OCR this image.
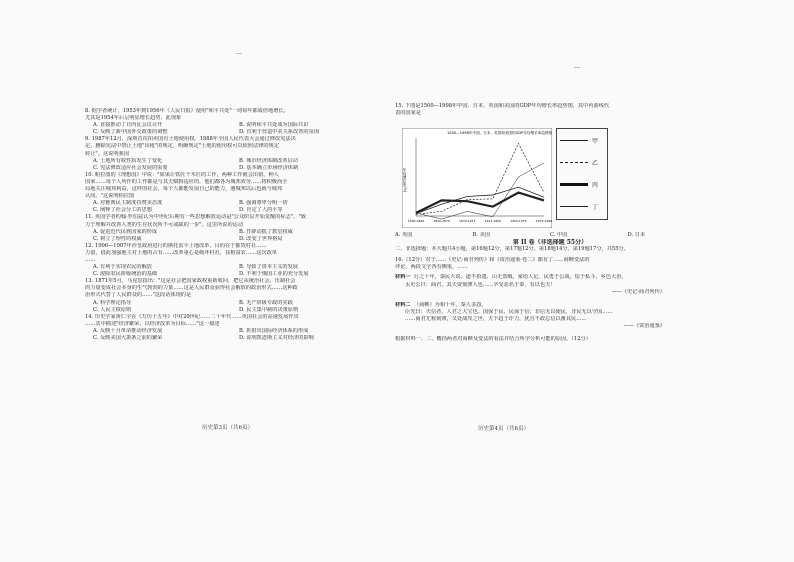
—
—

8. 据学者统计，1953年到1956年《人民日报》使用"和平共处"一词每年都成倍地增长，

尤其是1954年后呈明显增长趋势，此现象

A. 直接推动了日内瓦会议召开	B. 说明和平共处成为国际共识

C. 反映了新中国外交政策的调整	D. 有利于营造中美关系改善的氛围

9. 1987年12月，深圳首次拍卖国有土地使用权。1988年全国人民代表大会通过修改宪法决

定，删除宪法中禁止土地"出租"的规定，明确规定"土地的使用权可以依照法律的规定

转让"。这说明我国

A. 土地所有权性质发生了变化	B. 城市经济体制改革启动

C. 宪法修改适应社会发展的需要	D. 基本确立市场经济体制

10. 帕拉图的《理想国》中说："如果让铁匠干木匠的工作，两种工作就会出错，种人

国家……每个人所作的工作都是与其天赋相适应的，他们都各为城邦效劳……将积极而全

局地关注城邦利益，这样的社会，每个人都能发展自己的能力，遇城邦以后也就与城邦

认同。"这说明柏拉图

A. 对雅典民主制度持赞美态度	B. 强调尊卑分明一切

C. 阐释了社会分工的思想	D. 肯定了人的平等

11. 英国学者约翰·罗伯兹认为中世纪后期有一些思想解放运动是"公众阶层开始觉醒的标志"，"致

力于理解并改善人类的生存状况所不可或缺的一步"。这里所说的运动

A. 促进近代民族国家的形成	B. 开辟动摇了教皇权威

C. 树立了理性的权威	D. 改变了世界格局

12. 1906—1907年沙皇政府进行的斯托雷平土地改革，目的在于摧毁村社……

力量，借此加强地主对土地的占有……改革重心是破坏村社，扶植富农……这次改革

……

A. 有利于实现农民的解放	B. 导致了资本主义的发展

C. 废除农民阶级统治的基础	D. 不利于俄国工业的充分发展

13. 1871年5月，马克思指出："这是社会把国家政权重新收回，把它从统治社会、压制社会

的力量变成社会本身的生气勃勃的力量……这是人民群众获得社会解放的政治形式……这种政

治形式代替了人民群众的……"这段话体现的是

A. 科学理论指导	B. 无产阶级专政的实践

C. 人民主权原则	D. 民主集中制的决策原则

14. 历史学家黄仁宇在《万历十五年》中对20世纪……二十年代……英国社会的高速发展作出

……其中描述"经济繁荣，以经济改革为目标……"这一描述

A. 反映十月革命推动经济发展	B. 折射出国际经济体系的形成

C. 反映美国大萧条之前的繁荣	D. 说明凯恩斯主义对经济的影响

历史第3页（共6页）

15. 下图是1500—1998年中国、日本、英国和美国的GDP年均增长率趋势图，其中丙曲线代

表的国家是

1500—1998年中国、日本、英国和美国的GDP年均增长率趋势图
年均增长率(%)
1500-1820	1820-1870	1870-1913	1913-1950	1950-1973	1973-1998
甲
乙
丙
丁

A. 英国	B. 美国	C. 中国	D. 日本

第 II 卷（非选择题 55分）

二、非选择题：本大题共4小题，第16题12分，第17题12分，第18题14分，第19题17分，共55分。

16.（12分）对于……《史记·商君列传》和《资治通鉴·卷二》都有了……商鞅变法的

评论，两段文字各有侧重，……

材料一 行之十年，秦民大说，道不拾遗，山无盗贼，家给人足。民勇于公战，怯于私斗，乡邑大治。

太史公曰：商君，其天资刻薄人也……卒受恶名于秦，有以也夫！

——《史记·商君列传》

材料二 （商鞅）为相十年，秦人多怨。

臣光曰：夫信者，人君之大宝也。国保于民，民保于信；非信无以使民，非民无以守国……

……商君尤称刻薄，又处战攻之世，天下趋于诈力，犹且不敢忘信以畜其民……

——《资治通鉴》

根据材料一、二，概括两者对商鞅及变法的看法并结合所学分析可能的原因。（12分）

历史第4页（共6页）
